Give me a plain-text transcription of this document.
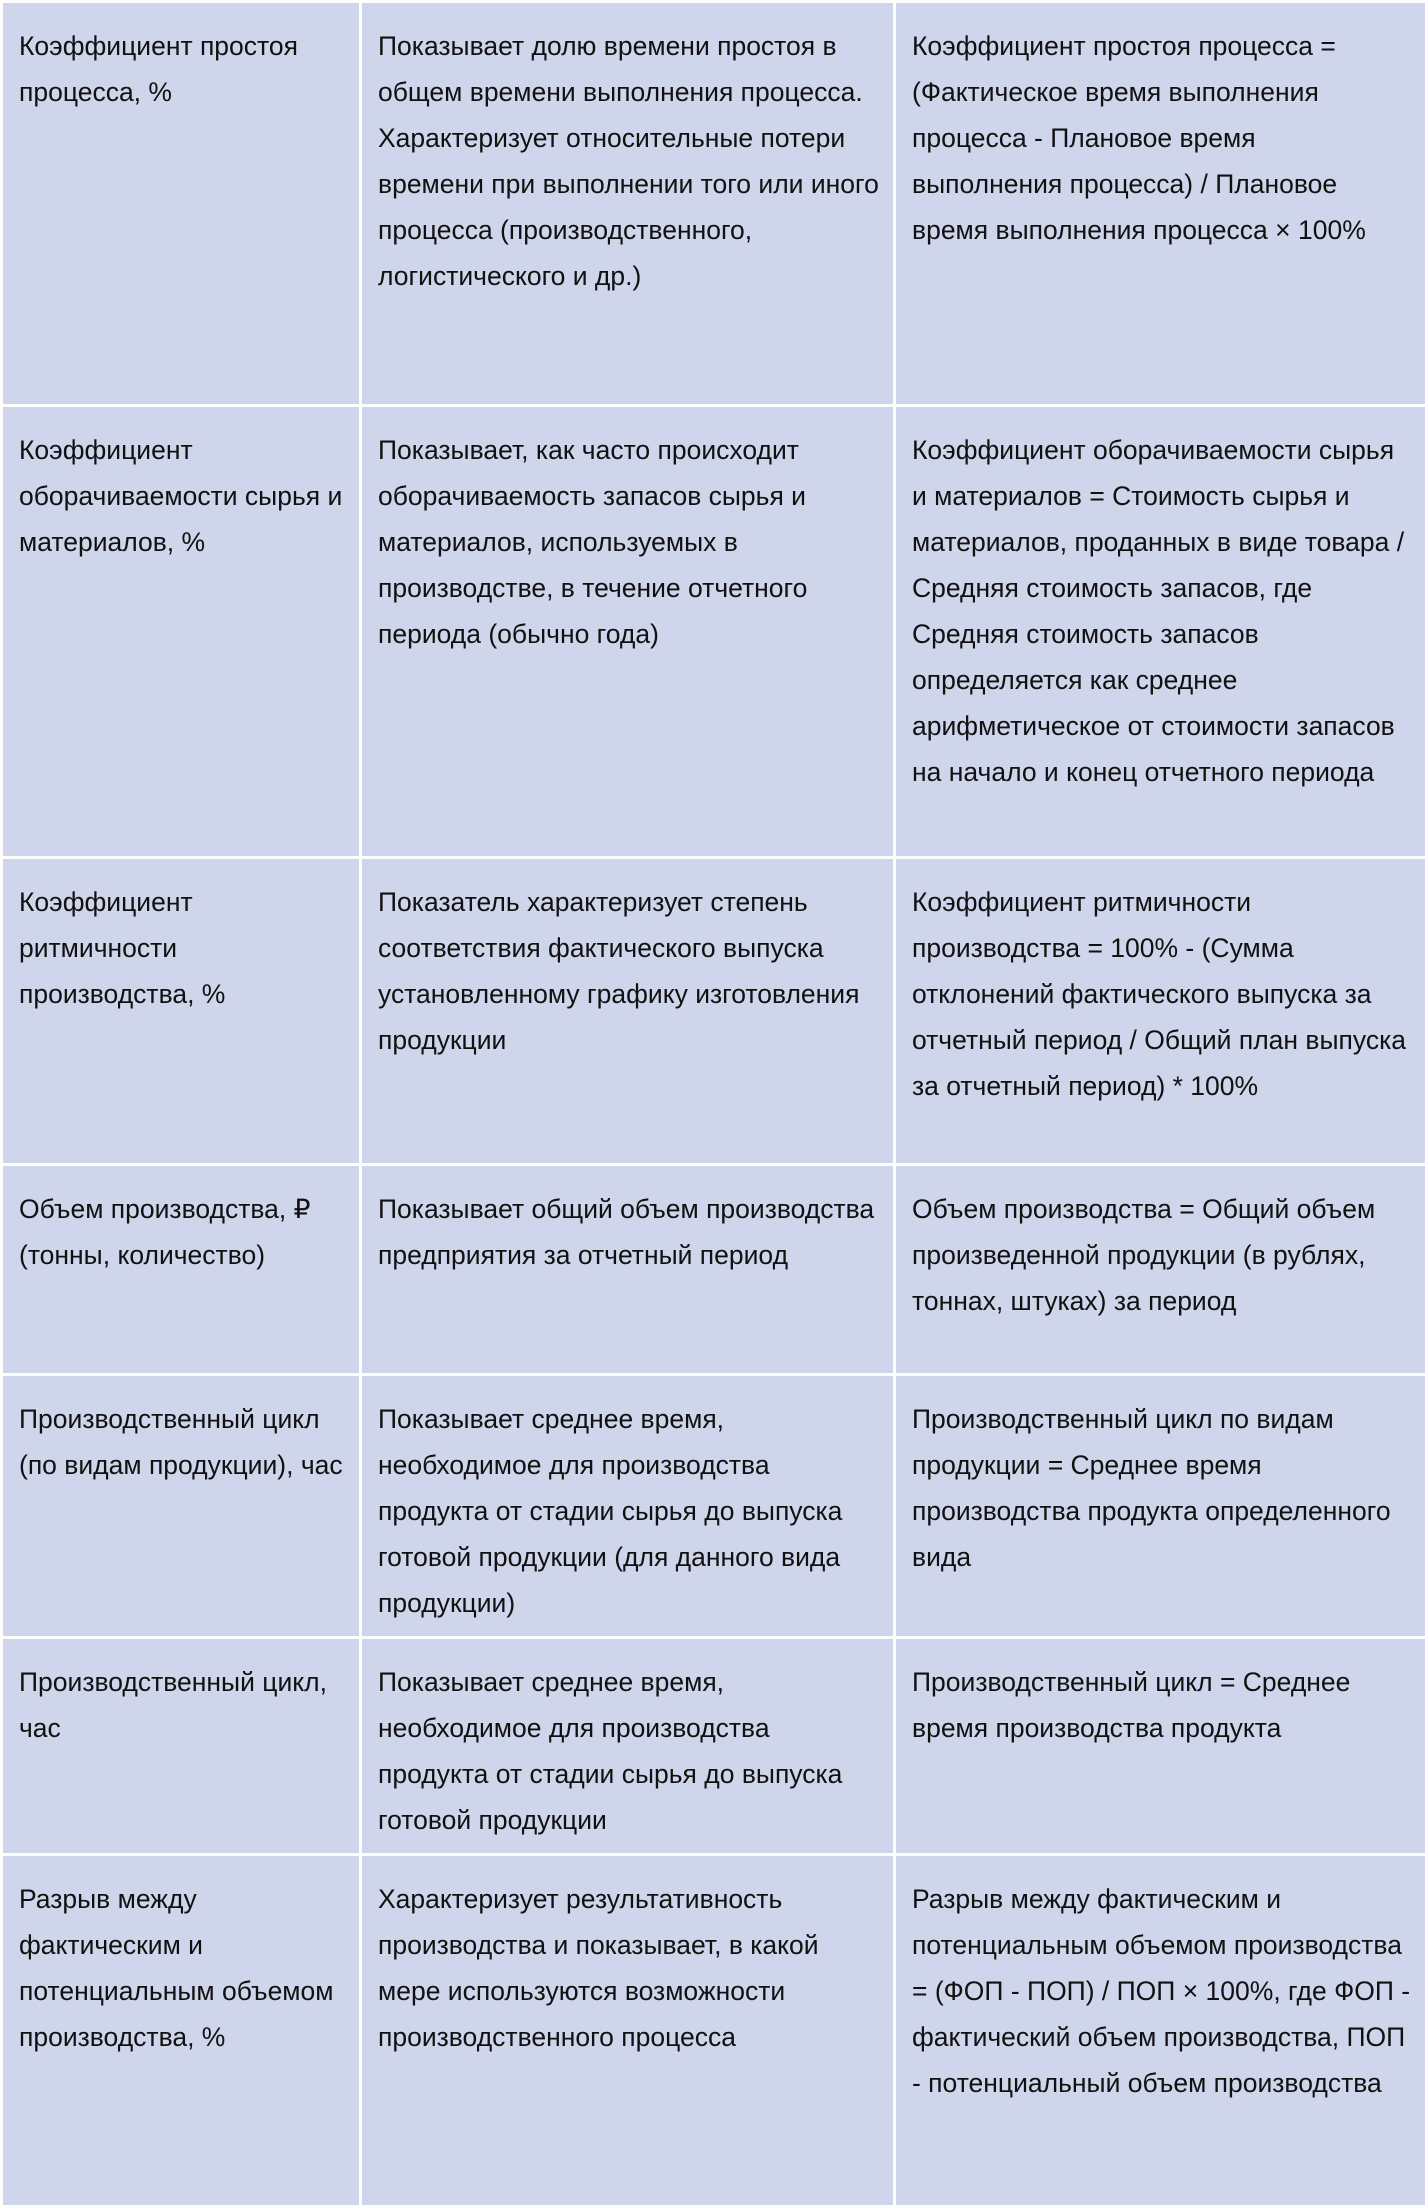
Коэффициент простоя процесса, %	Показывает долю времени простоя в общем времени выполнения процесса. Характеризует относительные потери времени при выполнении того или иного процесса (производственного, логистического и др.)	Коэффициент простоя процесса = (Фактическое время выполнения процесса - Плановое время выполнения процесса) / Плановое время выполнения процесса × 100%
Коэффициент оборачиваемости сырья и материалов, %	Показывает, как часто происходит оборачиваемость запасов сырья и материалов, используемых в производстве, в течение отчетного периода (обычно года)	Коэффициент оборачиваемости сырья и материалов = Стоимость сырья и материалов, проданных в виде товара / Средняя стоимость запасов, где Средняя стоимость запасов определяется как среднее арифметическое от стоимости запасов на начало и конец отчетного периода
Коэффициент ритмичности производства, %	Показатель характеризует степень соответствия фактического выпуска установленному графику изготовления продукции	Коэффициент ритмичности производства = 100% - (Сумма отклонений фактического выпуска за отчетный период / Общий план выпуска за отчетный период) * 100%
Объем производства, ₽ (тонны, количество)	Показывает общий объем производства предприятия за отчетный период	Объем производства = Общий объем произведенной продукции (в рублях, тоннах, штуках) за период
Производственный цикл (по видам продукции), час	Показывает среднее время, необходимое для производства продукта от стадии сырья до выпуска готовой продукции (для данного вида продукции)	Производственный цикл по видам продукции = Среднее время производства продукта определенного вида
Производственный цикл, час	Показывает среднее время, необходимое для производства продукта от стадии сырья до выпуска готовой продукции	Производственный цикл = Среднее время производства продукта
Разрыв между фактическим и потенциальным объемом производства, %	Характеризует результативность производства и показывает, в какой мере используются возможности производственного процесса	Разрыв между фактическим и потенциальным объемом производства = (ФОП - ПОП) / ПОП × 100%, где ФОП - фактический объем производства, ПОП - потенциальный объем производства
